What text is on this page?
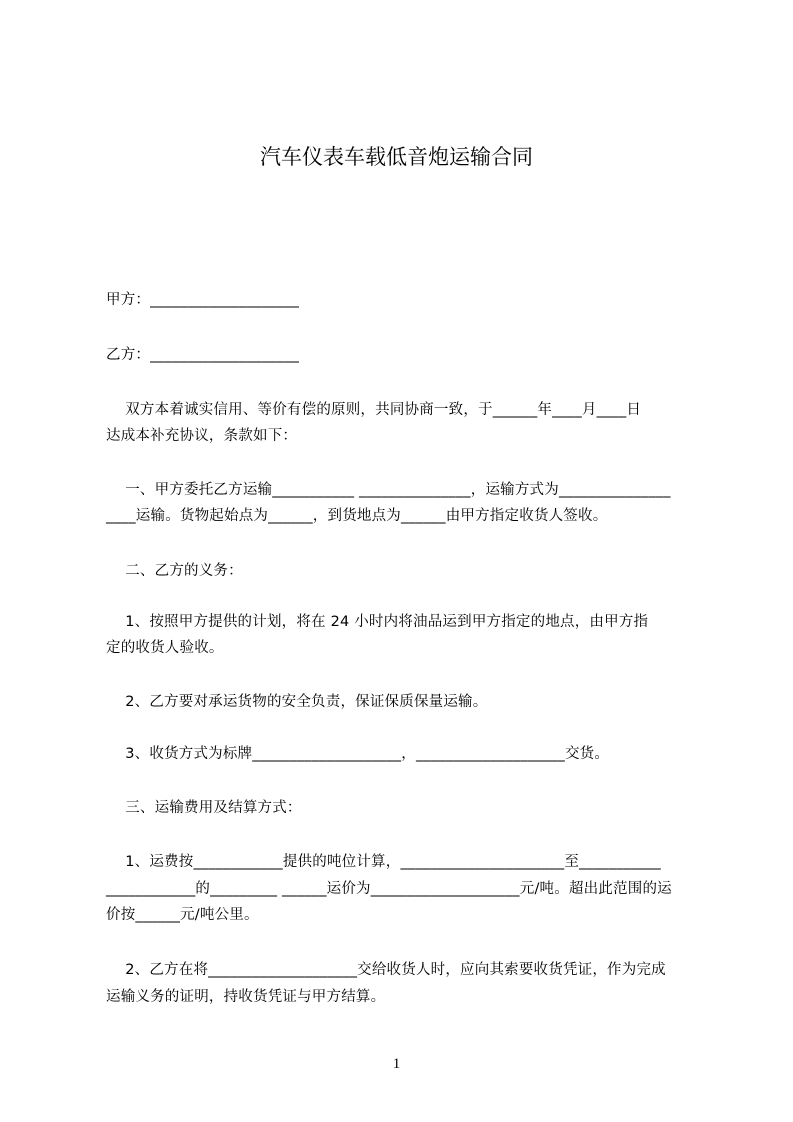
汽车仪表车载低音炮运输合同
甲方：____________________
乙方：____________________
双方本着诚实信用、等价有偿的原则，共同协商一致，于______年____月____日
达成本补充协议，条款如下：
一、甲方委托乙方运输___________ _______________，运输方式为_______________
____运输。货物起始点为______，到货地点为______由甲方指定收货人签收。
二、乙方的义务：
1、按照甲方提供的计划，将在 24 小时内将油品运到甲方指定的地点，由甲方指
定的收货人验收。
2、乙方要对承运货物的安全负责，保证保质保量运输。
3、收货方式为标牌____________________，____________________交货。
三、运输费用及结算方式：
1、运费按____________提供的吨位计算，______________________至___________
____________的_________ ______运价为____________________元/吨。超出此范围的运
价按______元/吨公里。
2、乙方在将____________________交给收货人时，应向其索要收货凭证，作为完成
运输义务的证明，持收货凭证与甲方结算。
1
